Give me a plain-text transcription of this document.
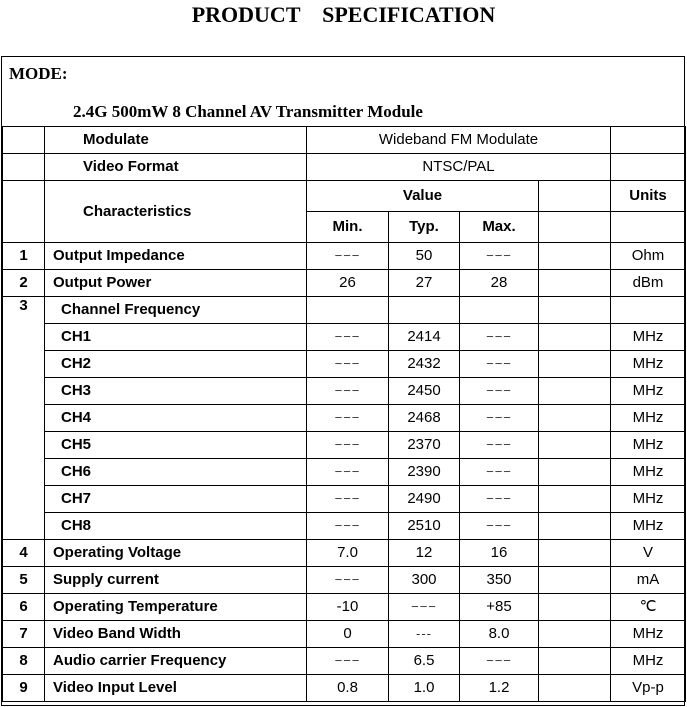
PRODUCT    SPECIFICATION
MODE:
2.4G 500mW 8 Channel AV Transmitter Module
	Modulate	Wideband FM Modulate				
	Video Format	NTSC/PAL				
	Characteristics	Value				Units
		Min.	Typ.	Max.		
1	Output Impedance	−−−	50	−−−		Ohm
2	Output Power	26	27	28		dBm
3	Channel Frequency					
	CH1	−−−	2414	−−−		MHz
	CH2	−−−	2432	−−−		MHz
	CH3	−−−	2450	−−−		MHz
	CH4	−−−	2468	−−−		MHz
	CH5	−−−	2370	−−−		MHz
	CH6	−−−	2390	−−−		MHz
	CH7	−−−	2490	−−−		MHz
	CH8	−−−	2510	−−−		MHz
4	Operating Voltage	7.0	12	16		V
5	Supply current	−−−	300	350		mA
6	Operating Temperature	-10	−−−	+85		℃
7	Video Band Width	0	---	8.0		MHz
8	Audio carrier Frequency	−−−	6.5	−−−		MHz
9	Video Input Level	0.8	1.0	1.2		Vp-p
